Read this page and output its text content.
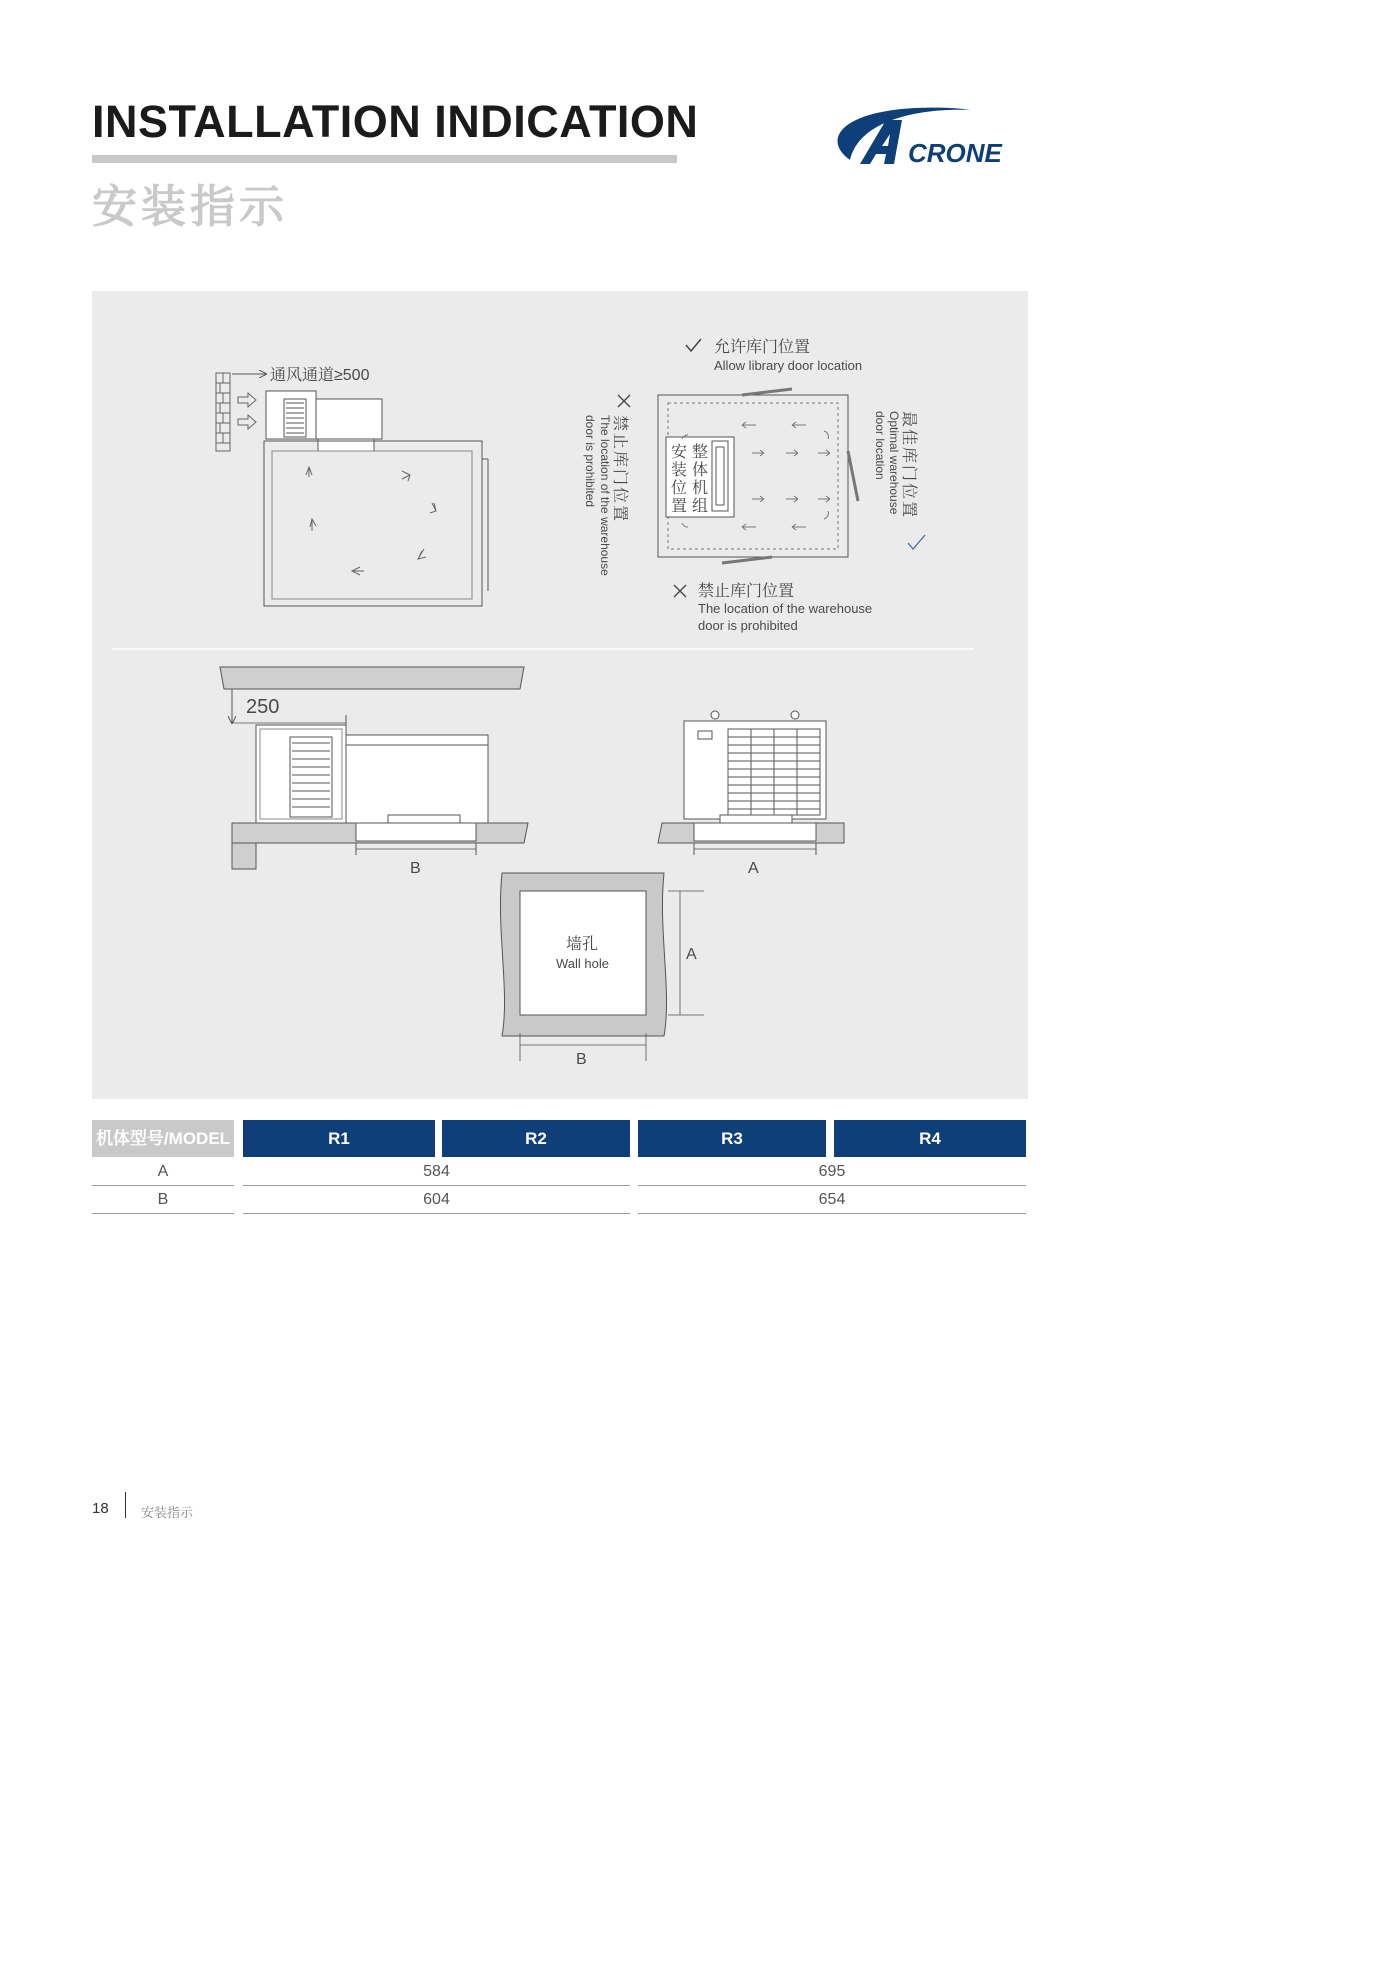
INSTALLATION INDICATION
安装指示
CRONE
通风通道≥500
允许库门位置
Allow library door location
禁止库门位置
The location of the warehouse
door is prohibited	整
体
机
组
安
装
位
置	最佳库门位置
Optimal warehouse
door location
禁止库门位置
The location of the warehouse
door is prohibited
250
B	A
墙孔
Wall hole
A
B
机体型号/MODEL	R1	R2	R3	R4
A	584	695
B	604	654
18 安装指示
